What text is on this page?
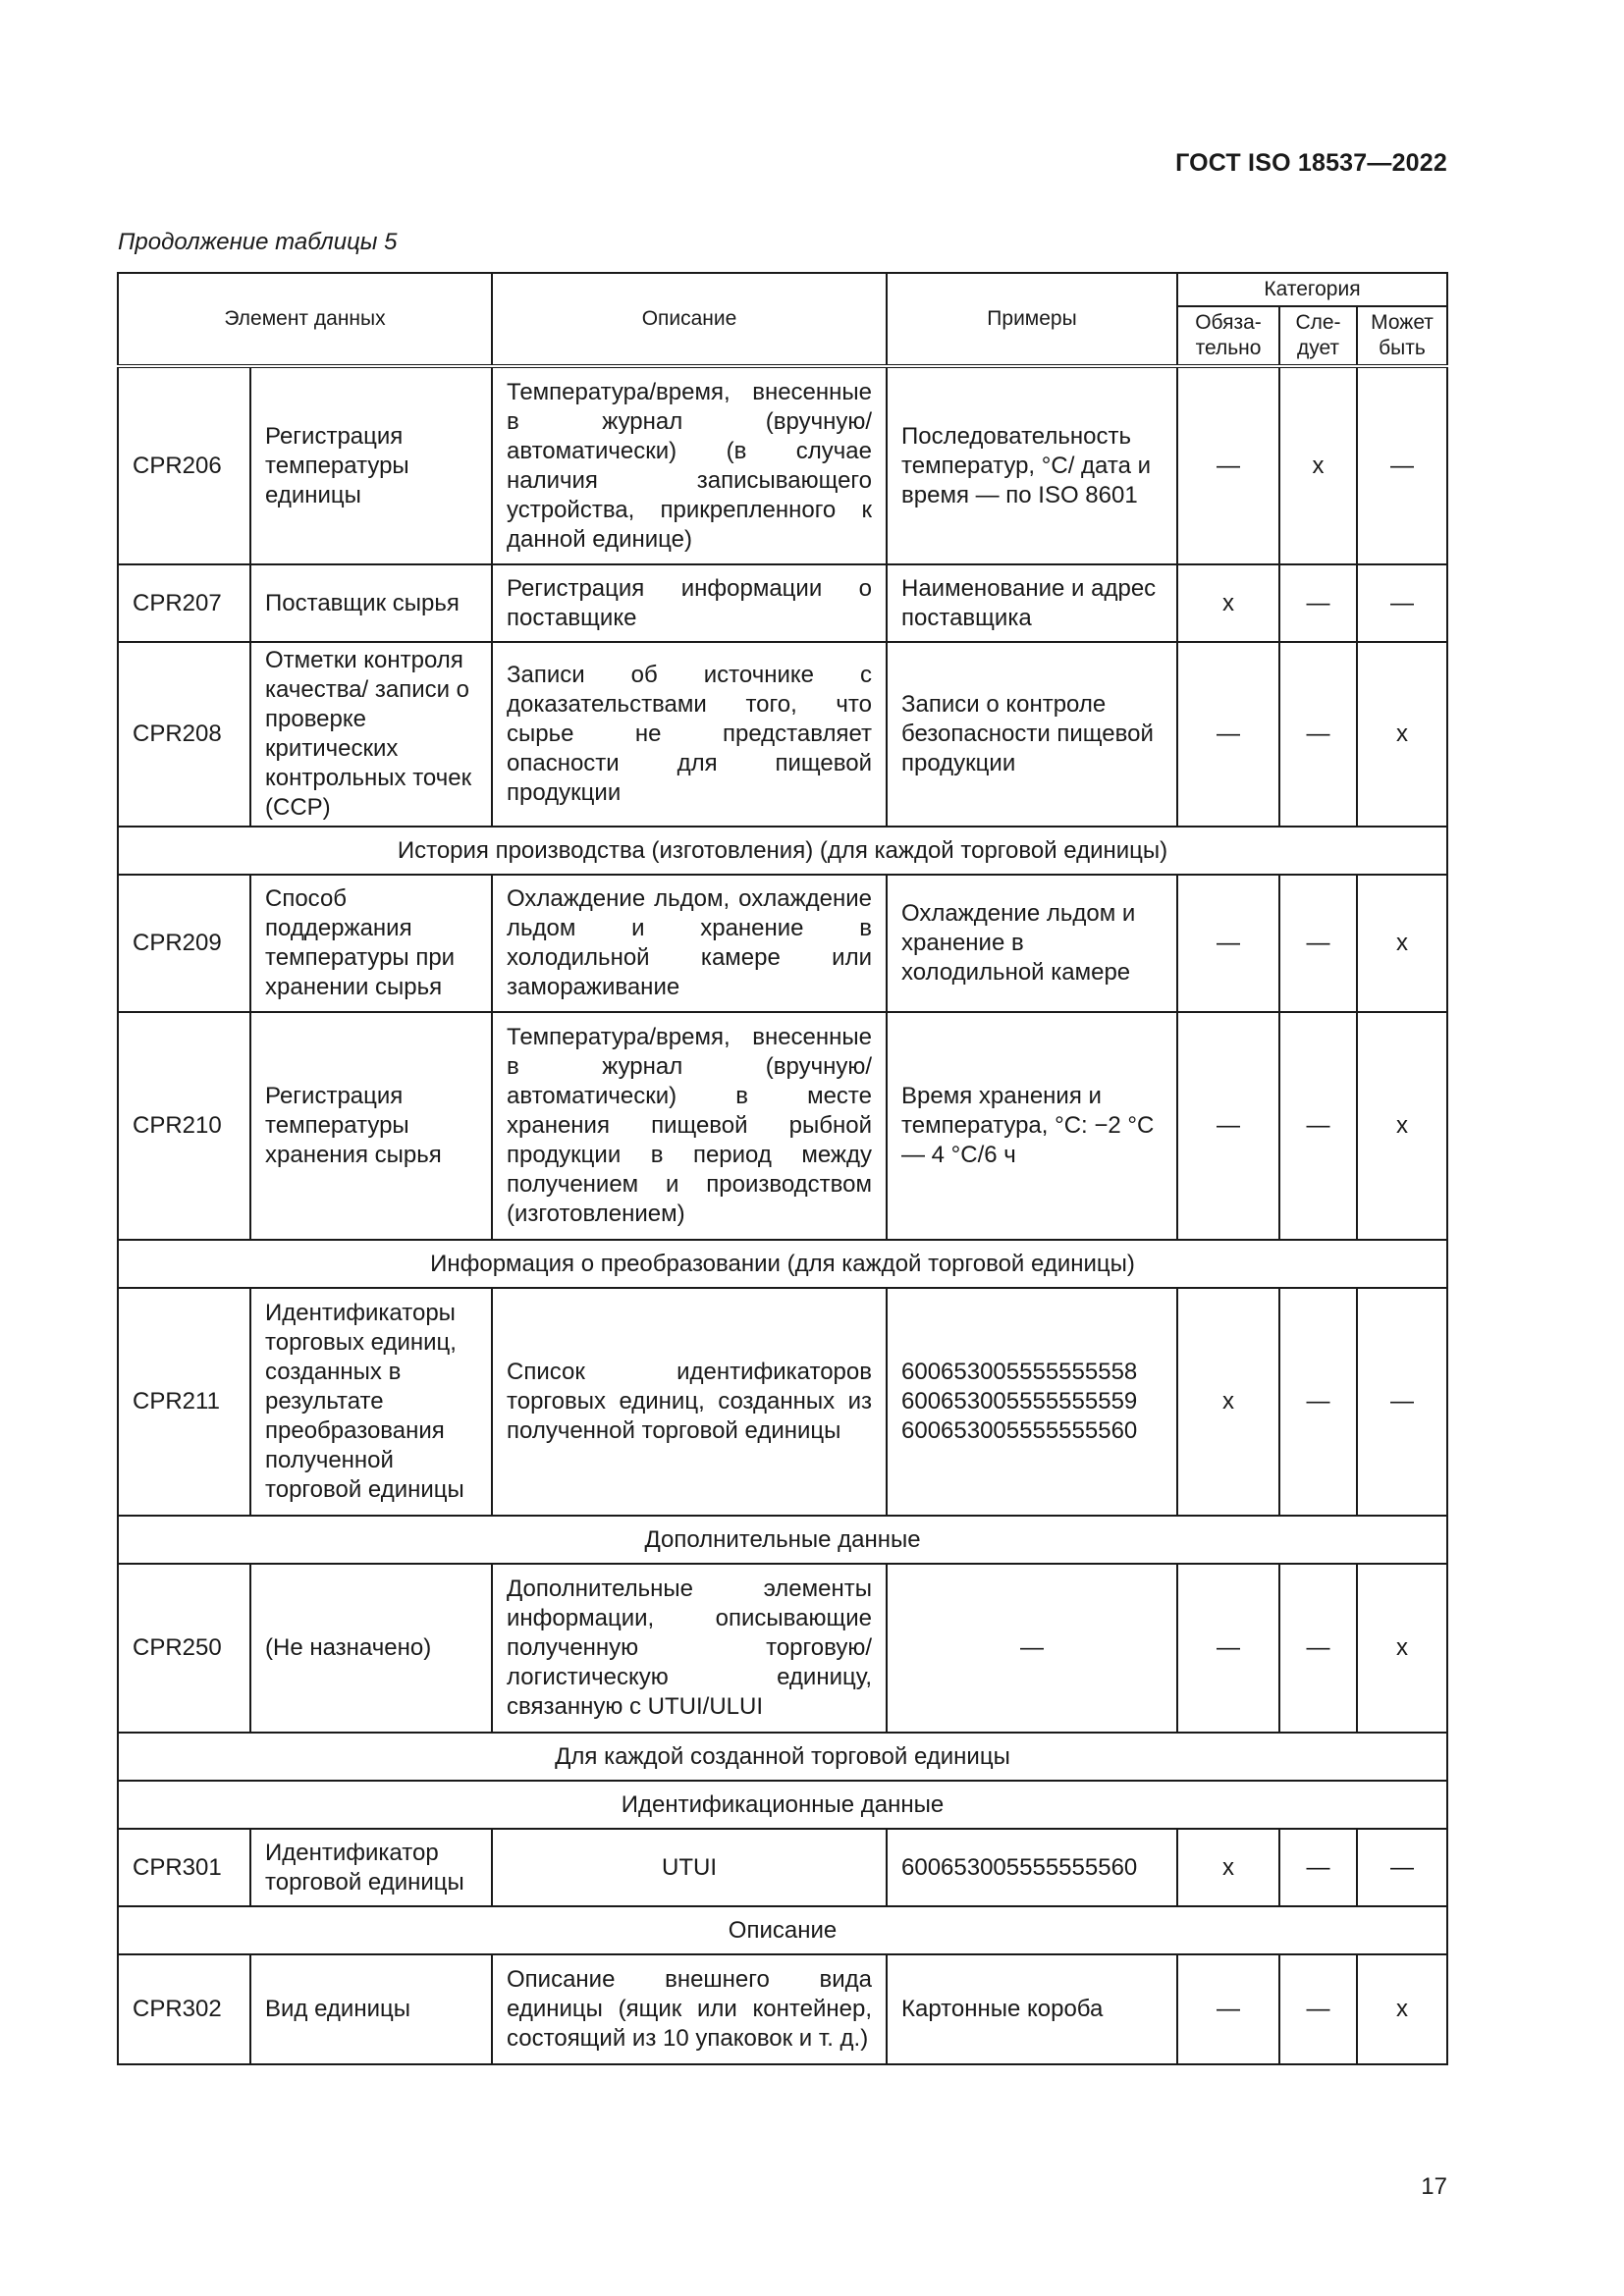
ГОСТ ISO 18537—2022
Продолжение таблицы 5
Элемент данных		Описание	Примеры	Категория		
				Обяза-тельно	Сле-дует	Может быть
CPR206	Регистрация температуры единицы	Температура/время, внесенные в журнал (вручную/ автоматически) (в случае наличия записывающего устройства, прикрепленного к данной единице)	Последовательность температур, °C/ дата и время — по ISO 8601	—	x	—
CPR207	Поставщик сырья	Регистрация информации о поставщике	Наименование и адрес поставщика	x	—	—
CPR208	Отметки контроля качества/ записи о проверке критических контрольных точек (CCP)	Записи об источнике с доказательствами того, что сырье не представляет опасности для пищевой продукции	Записи о контроле безопасности пищевой продукции	—	—	x
История производства (изготовления) (для каждой торговой единицы)						
CPR209	Способ поддержания температуры при хранении сырья	Охлаждение льдом, охлаждение льдом и хранение в холодильной камере или замораживание	Охлаждение льдом и хранение в холодильной камере	—	—	x
CPR210	Регистрация температуры хранения сырья	Температура/время, внесенные в журнал (вручную/ автоматически) в месте хранения пищевой рыбной продукции в период между получением и производством (изготовлением)	Время хранения и температура, °С: −2 °С — 4 °С/6 ч	—	—	x
Информация о преобразовании (для каждой торговой единицы)						
CPR211	Идентификаторы торговых единиц, созданных в результате преобразования полученной торговой единицы	Список идентификаторов торговых единиц, созданных из полученной торговой единицы	600653005555555558 600653005555555559 600653005555555560	x	—	—
Дополнительные данные						
CPR250	(Не назначено)	Дополнительные элементы информации, описывающие полученную торговую/ логистическую единицу, связанную с UTUI/ULUI	—	—	—	x
Для каждой созданной торговой единицы						
Идентификационные данные						
CPR301	Идентификатор торговой единицы	UTUI	600653005555555560	x	—	—
Описание						
CPR302	Вид единицы	Описание внешнего вида единицы (ящик или контейнер, состоящий из 10 упаковок и т. д.)	Картонные короба	—	—	x
17
